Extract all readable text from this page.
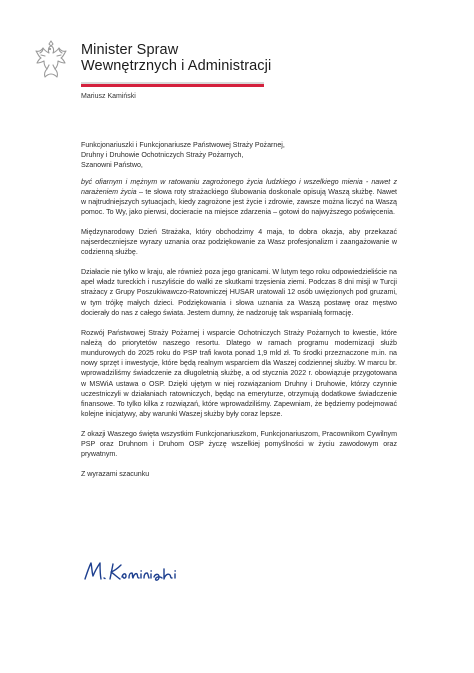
Minister Spraw
Wewnętrznych i Administracji
Mariusz Kamiński

Funkcjonariuszki i Funkcjonariusze Państwowej Straży Pożarnej,

Druhny i Druhowie Ochotniczych Straży Pożarnych,

Szanowni Państwo,

być ofiarnym i mężnym w ratowaniu zagrożonego życia ludzkiego i wszelkiego mienia - nawet z narażeniem życia – te słowa roty strażackiego ślubowania doskonale opisują Waszą służbę. Nawet w najtrudniejszych sytuacjach, kiedy zagrożone jest życie i zdrowie, zawsze można liczyć na Waszą pomoc. To Wy, jako pierwsi, docieracie na miejsce zdarzenia – gotowi do najwyższego poświęcenia.

Międzynarodowy Dzień Strażaka, który obchodzimy 4 maja, to dobra okazja, aby przekazać najserdeczniejsze wyrazy uznania oraz podziękowanie za Wasz profesjonalizm i zaangażowanie w codzienną służbę.

Działacie nie tylko w kraju, ale również poza jego granicami. W lutym tego roku odpowiedzieliście na apel władz tureckich i ruszyliście do walki ze skutkami trzęsienia ziemi. Podczas 8 dni misji w Turcji strażacy z Grupy Poszukiwawczo-Ratowniczej HUSAR uratowali 12 osób uwięzionych pod gruzami, w tym trójkę małych dzieci. Podziękowania i słowa uznania za Waszą postawę oraz męstwo docierały do nas z całego świata. Jestem dumny, że nadzoruję tak wspaniałą formację.

Rozwój Państwowej Straży Pożarnej i wsparcie Ochotniczych Straży Pożarnych to kwestie, które należą do priorytetów naszego resortu. Dlatego w ramach programu modernizacji służb mundurowych do 2025 roku do PSP trafi kwota ponad 1,9 mld zł. To środki przeznaczone m.in. na nowy sprzęt i inwestycje, które będą realnym wsparciem dla Waszej codziennej służby. W marcu br. wprowadziliśmy świadczenie za długoletnią służbę, a od stycznia 2022 r. obowiązuje przygotowana w MSWiA ustawa o OSP. Dzięki ujętym w niej rozwiązaniom Druhny i Druhowie, którzy czynnie uczestniczyli w działaniach ratowniczych, będąc na emeryturze, otrzymują dodatkowe świadczenie finansowe. To tylko kilka z rozwiązań, które wprowadziliśmy. Zapewniam, że będziemy podejmować kolejne inicjatywy, aby warunki Waszej służby były coraz lepsze.

Z okazji Waszego święta wszystkim Funkcjonariuszkom, Funkcjonariuszom, Pracownikom Cywilnym PSP oraz Druhnom i Druhom OSP życzę wszelkiej pomyślności w życiu zawodowym oraz prywatnym.

Z wyrazami szacunku
